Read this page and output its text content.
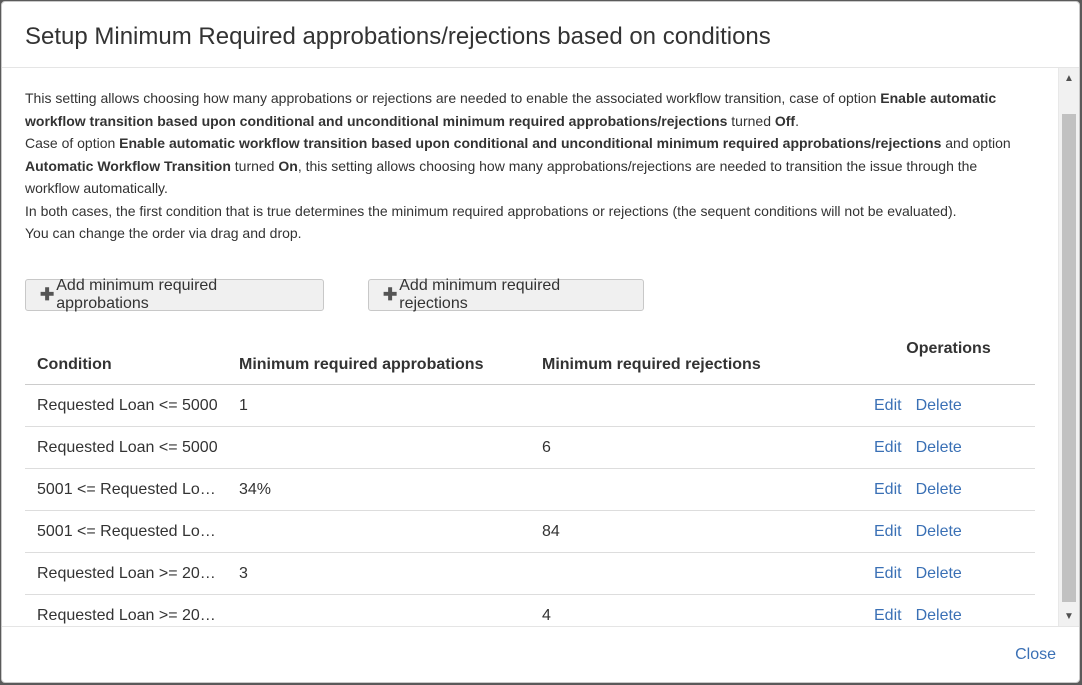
Setup Minimum Required approbations/rejections based on conditions

This setting allows choosing how many approbations or rejections are needed to enable the associated workflow transition, case of option Enable automatic workflow transition based upon conditional and unconditional minimum required approbations/rejections turned Off.

Case of option Enable automatic workflow transition based upon conditional and unconditional minimum required approbations/rejections and option Automatic Workflow Transition turned On, this setting allows choosing how many approbations/rejections are needed to transition the issue through the workflow automatically.

In both cases, the first condition that is true determines the minimum required approbations or rejections (the sequent conditions will not be evaluated).

You can change the order via drag and drop.

✚ Add minimum required approbations	✚ Add minimum required rejections
Condition	Minimum required approbations	Minimum required rejections	Operations

Requested Loan <= 5000	1		Edit Delete

Requested Loan <= 5000		6	Edit Delete

5001 <= Requested Lo…	34%		Edit Delete

5001 <= Requested Lo…		84	Edit Delete

Requested Loan >= 20…	3		Edit Delete

Requested Loan >= 20…		4	Edit Delete
▲
▼
Close
